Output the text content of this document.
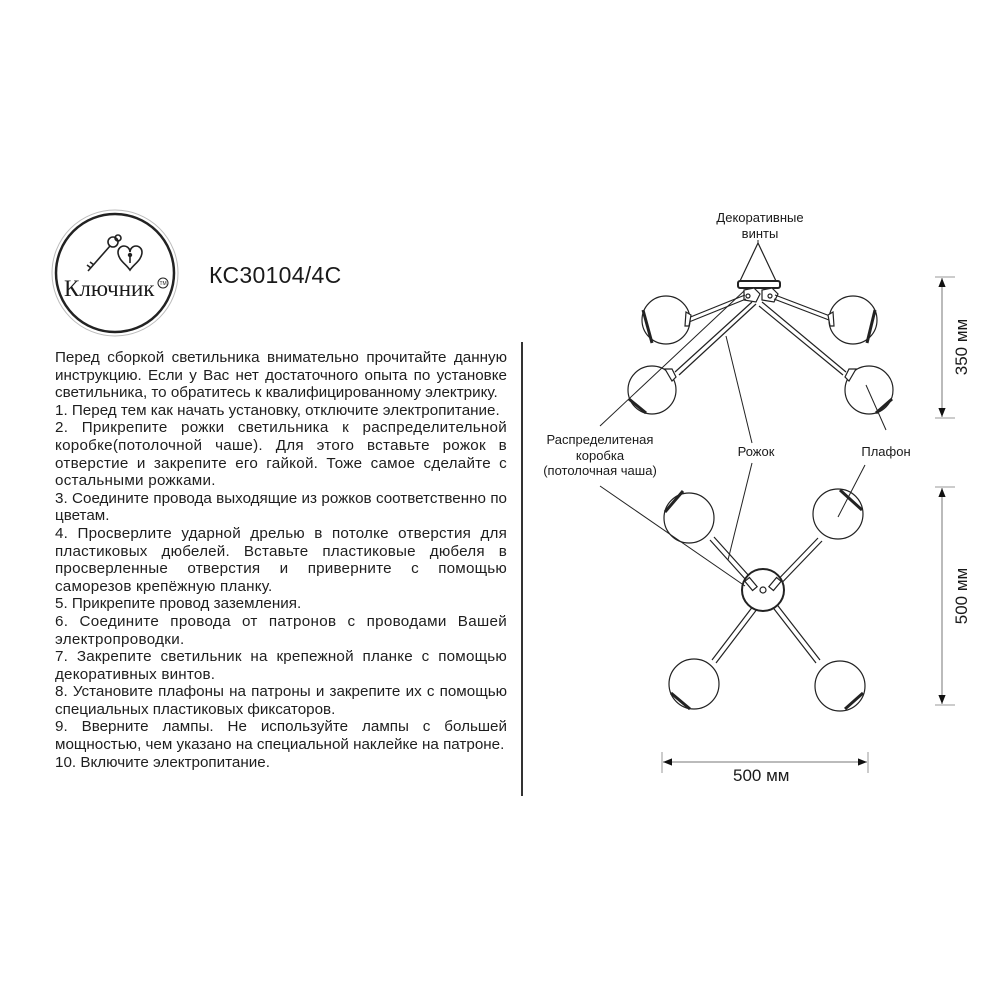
Ключник TM КС30104/4С

Перед сборкой светильника внимательно прочитайте данную инструкцию. Если у Вас нет достаточного опыта по установке светильника, то обратитесь к квалифицированному электрику.

1. Перед тем как начать установку, отключите электропитание.

2. Прикрепите рожки светильника к распределительной коробке(потолочной чаше). Для этого вставьте рожок в отверстие и закрепите его гайкой. Тоже самое сделайте с остальными рожками.

3. Соедините провода выходящие из рожков соответственно по цветам.

4. Просверлите ударной дрелью в потолке отверстия для пластиковых дюбелей. Вставьте пластиковые дюбеля в просверленные отверстия и приверните с помощью саморезов крепёжную планку.

5. Прикрепите провод заземления.

6. Соедините провода от патронов с проводами Вашей электропроводки.

7. Закрепите светильник на крепежной планке с помощью декоративных винтов.

8. Установите плафоны на патроны и закрепите их с помощью специальных пластиковых фиксаторов.

9. Вверните лампы. Не используйте лампы с большей мощностью, чем указано на специальной наклейке на патроне.

10. Включите электропитание.

Декоративные
винты
Распределитеная
коробка
(потолочная чаша)
Рожок	Плафон
350 мм
500 мм
500 мм
